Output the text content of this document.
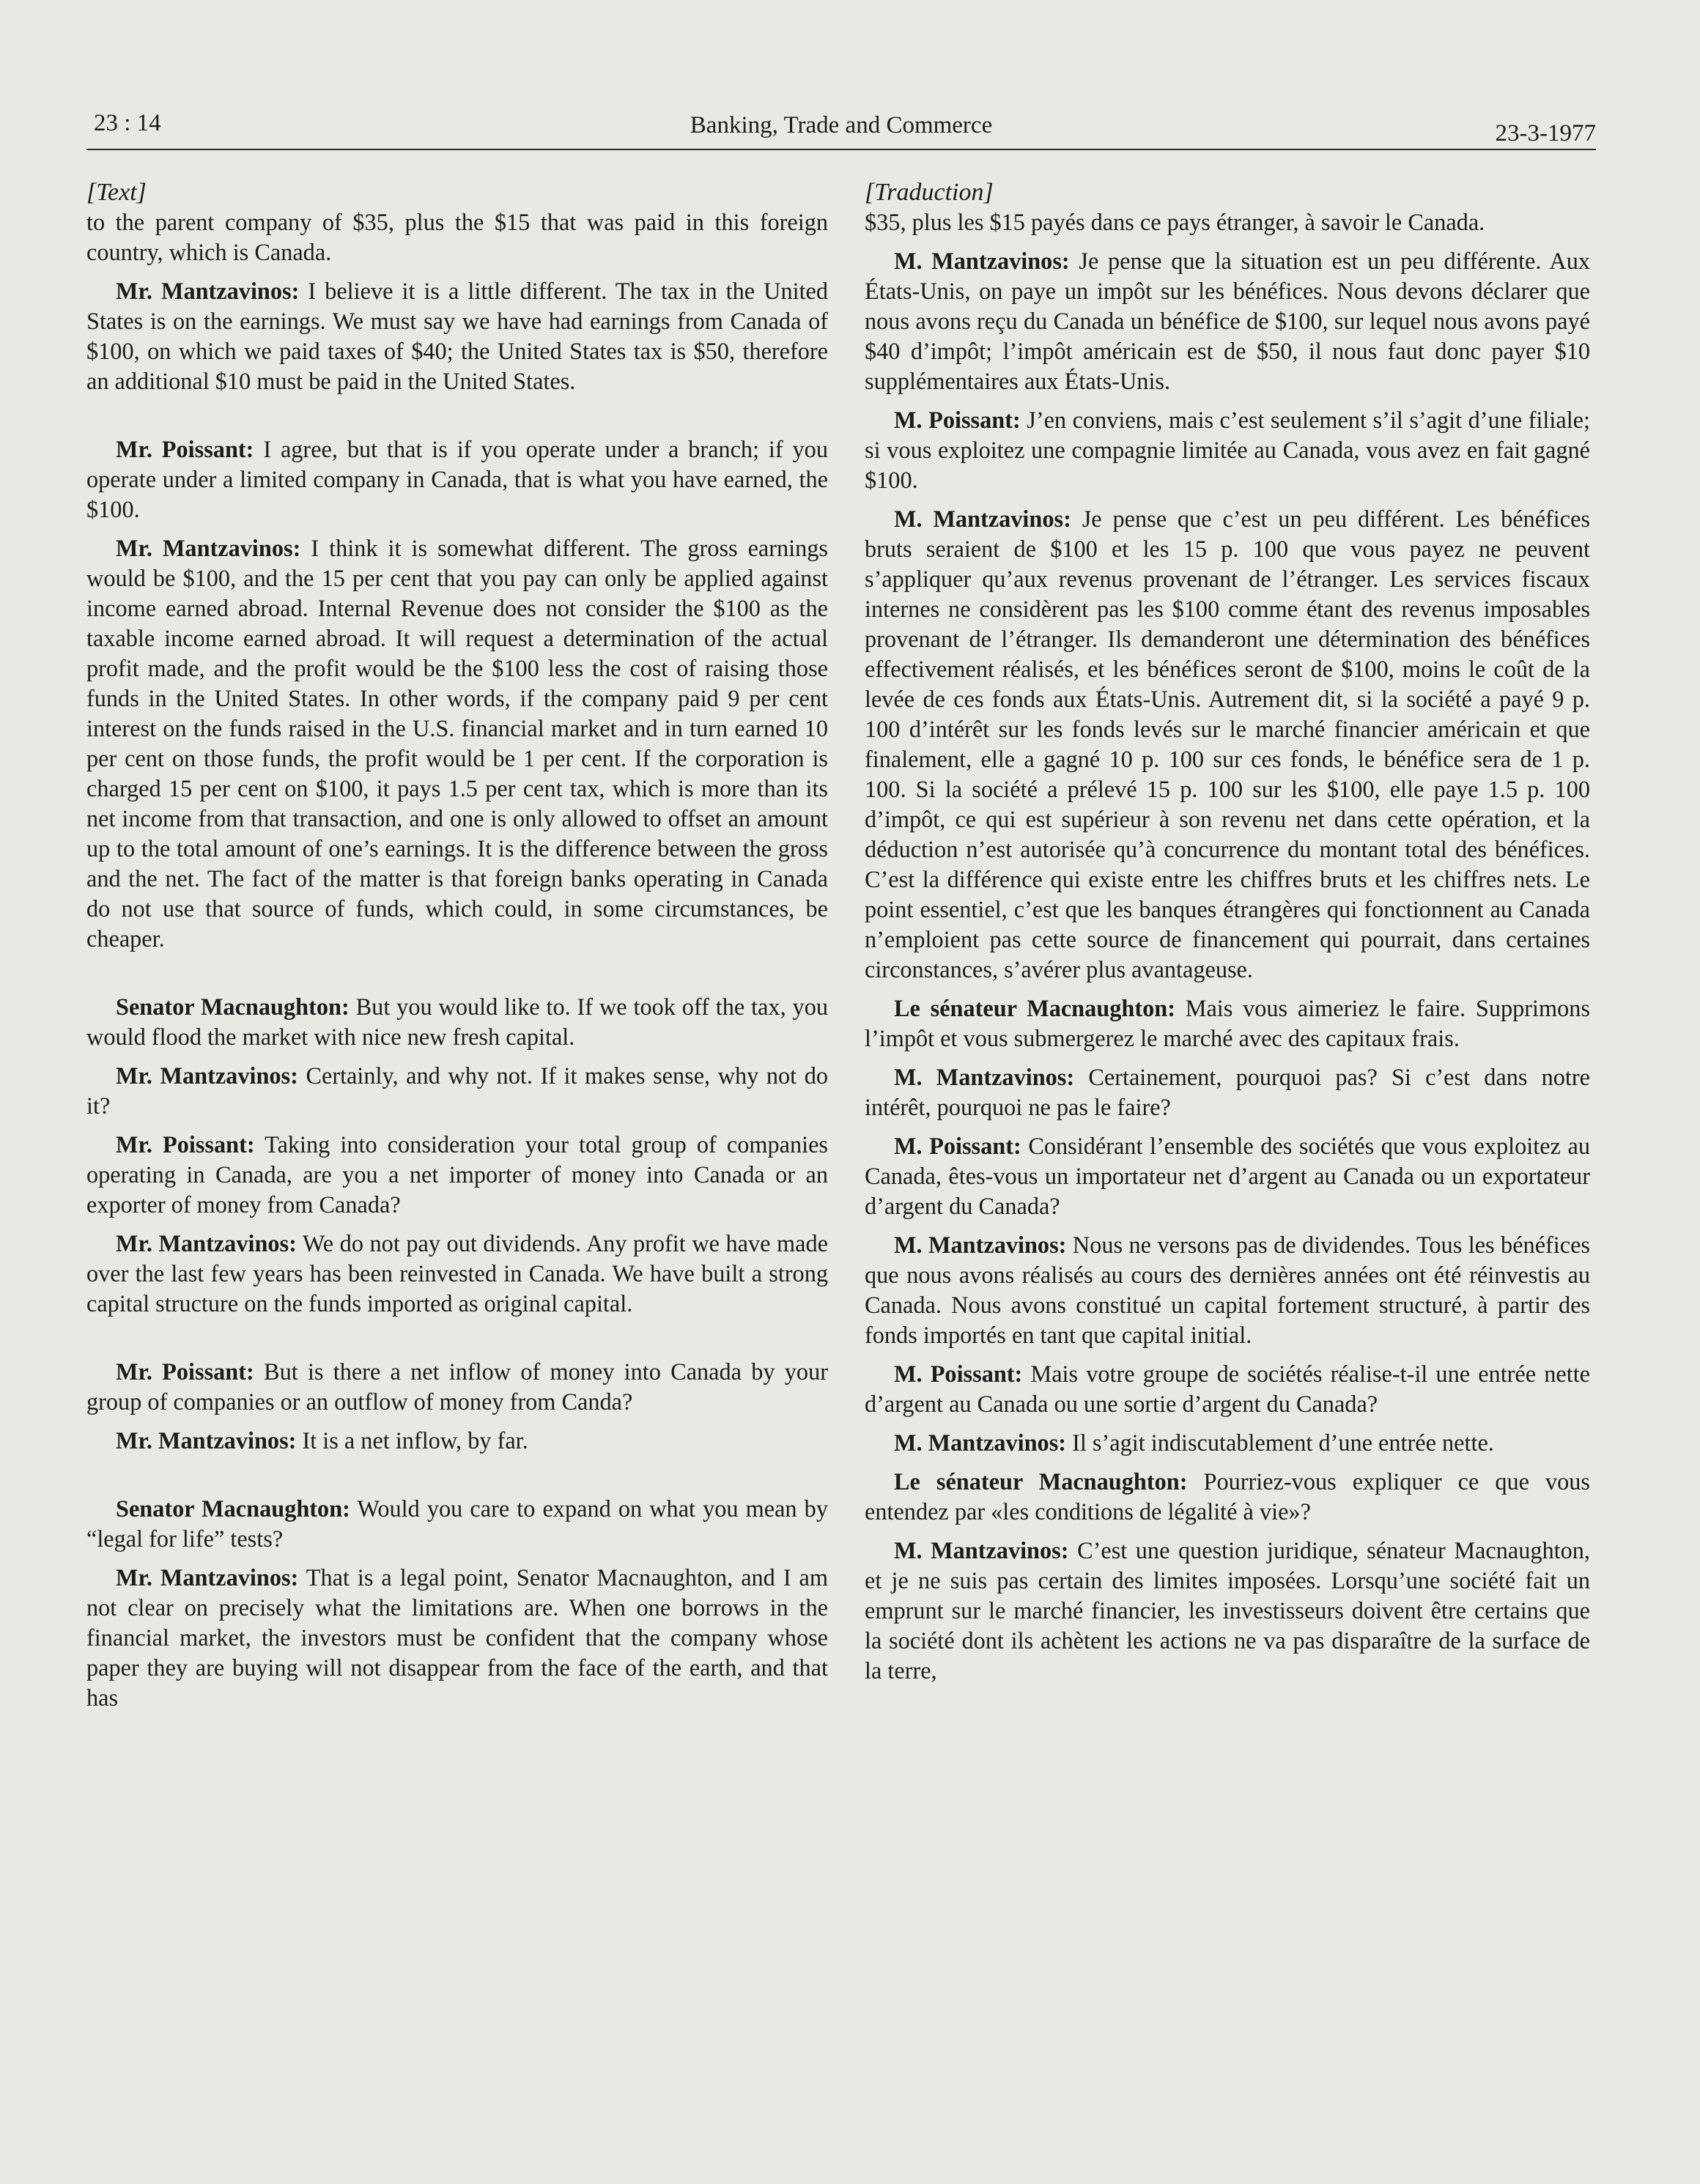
23 : 14	Banking, Trade and Commerce	23-3-1977

[Text]

to the parent company of $35, plus the $15 that was paid in this foreign country, which is Canada.

Mr. Mantzavinos: I believe it is a little different. The tax in the United States is on the earnings. We must say we have had earnings from Canada of $100, on which we paid taxes of $40; the United States tax is $50, therefore an additional $10 must be paid in the United States.

Mr. Poissant: I agree, but that is if you operate under a branch; if you operate under a limited company in Canada, that is what you have earned, the $100.

Mr. Mantzavinos: I think it is somewhat different. The gross earnings would be $100, and the 15 per cent that you pay can only be applied against income earned abroad. Internal Revenue does not consider the $100 as the taxable income earned abroad. It will request a determination of the actual profit made, and the profit would be the $100 less the cost of raising those funds in the United States. In other words, if the company paid 9 per cent interest on the funds raised in the U.S. financial market and in turn earned 10 per cent on those funds, the profit would be 1 per cent. If the corporation is charged 15 per cent on $100, it pays 1.5 per cent tax, which is more than its net income from that transaction, and one is only allowed to offset an amount up to the total amount of one’s earnings. It is the difference between the gross and the net. The fact of the matter is that foreign banks operating in Canada do not use that source of funds, which could, in some circumstances, be cheaper.

Senator Macnaughton: But you would like to. If we took off the tax, you would flood the market with nice new fresh capital.

Mr. Mantzavinos: Certainly, and why not. If it makes sense, why not do it?

Mr. Poissant: Taking into consideration your total group of companies operating in Canada, are you a net importer of money into Canada or an exporter of money from Canada?

Mr. Mantzavinos: We do not pay out dividends. Any profit we have made over the last few years has been reinvested in Canada. We have built a strong capital structure on the funds imported as original capital.

Mr. Poissant: But is there a net inflow of money into Canada by your group of companies or an outflow of money from Canda?

Mr. Mantzavinos: It is a net inflow, by far.

Senator Macnaughton: Would you care to expand on what you mean by “legal for life” tests?

Mr. Mantzavinos: That is a legal point, Senator Macnaughton, and I am not clear on precisely what the limitations are. When one borrows in the financial market, the investors must be confident that the company whose paper they are buying will not disappear from the face of the earth, and that has

[Traduction]

$35, plus les $15 payés dans ce pays étranger, à savoir le Canada.

M. Mantzavinos: Je pense que la situation est un peu différente. Aux États-Unis, on paye un impôt sur les bénéfices. Nous devons déclarer que nous avons reçu du Canada un bénéfice de $100, sur lequel nous avons payé $40 d’impôt; l’impôt américain est de $50, il nous faut donc payer $10 supplémentaires aux États-Unis.

M. Poissant: J’en conviens, mais c’est seulement s’il s’agit d’une filiale; si vous exploitez une compagnie limitée au Canada, vous avez en fait gagné $100.

M. Mantzavinos: Je pense que c’est un peu différent. Les bénéfices bruts seraient de $100 et les 15 p. 100 que vous payez ne peuvent s’appliquer qu’aux revenus provenant de l’étranger. Les services fiscaux internes ne considèrent pas les $100 comme étant des revenus imposables provenant de l’étranger. Ils demanderont une détermination des bénéfices effectivement réalisés, et les bénéfices seront de $100, moins le coût de la levée de ces fonds aux États-Unis. Autrement dit, si la société a payé 9 p. 100 d’intérêt sur les fonds levés sur le marché financier américain et que finalement, elle a gagné 10 p. 100 sur ces fonds, le bénéfice sera de 1 p. 100. Si la société a prélevé 15 p. 100 sur les $100, elle paye 1.5 p. 100 d’impôt, ce qui est supérieur à son revenu net dans cette opération, et la déduction n’est autorisée qu’à concurrence du montant total des bénéfices. C’est la différence qui existe entre les chiffres bruts et les chiffres nets. Le point essentiel, c’est que les banques étrangères qui fonctionnent au Canada n’emploient pas cette source de financement qui pourrait, dans certaines circonstances, s’avérer plus avantageuse.

Le sénateur Macnaughton: Mais vous aimeriez le faire. Supprimons l’impôt et vous submergerez le marché avec des capitaux frais.

M. Mantzavinos: Certainement, pourquoi pas? Si c’est dans notre intérêt, pourquoi ne pas le faire?

M. Poissant: Considérant l’ensemble des sociétés que vous exploitez au Canada, êtes-vous un importateur net d’argent au Canada ou un exportateur d’argent du Canada?

M. Mantzavinos: Nous ne versons pas de dividendes. Tous les bénéfices que nous avons réalisés au cours des dernières années ont été réinvestis au Canada. Nous avons constitué un capital fortement structuré, à partir des fonds importés en tant que capital initial.

M. Poissant: Mais votre groupe de sociétés réalise-t-il une entrée nette d’argent au Canada ou une sortie d’argent du Canada?

M. Mantzavinos: Il s’agit indiscutablement d’une entrée nette.

Le sénateur Macnaughton: Pourriez-vous expliquer ce que vous entendez par «les conditions de légalité à vie»?

M. Mantzavinos: C’est une question juridique, sénateur Macnaughton, et je ne suis pas certain des limites imposées. Lorsqu’une société fait un emprunt sur le marché financier, les investisseurs doivent être certains que la société dont ils achètent les actions ne va pas disparaître de la surface de la terre,
